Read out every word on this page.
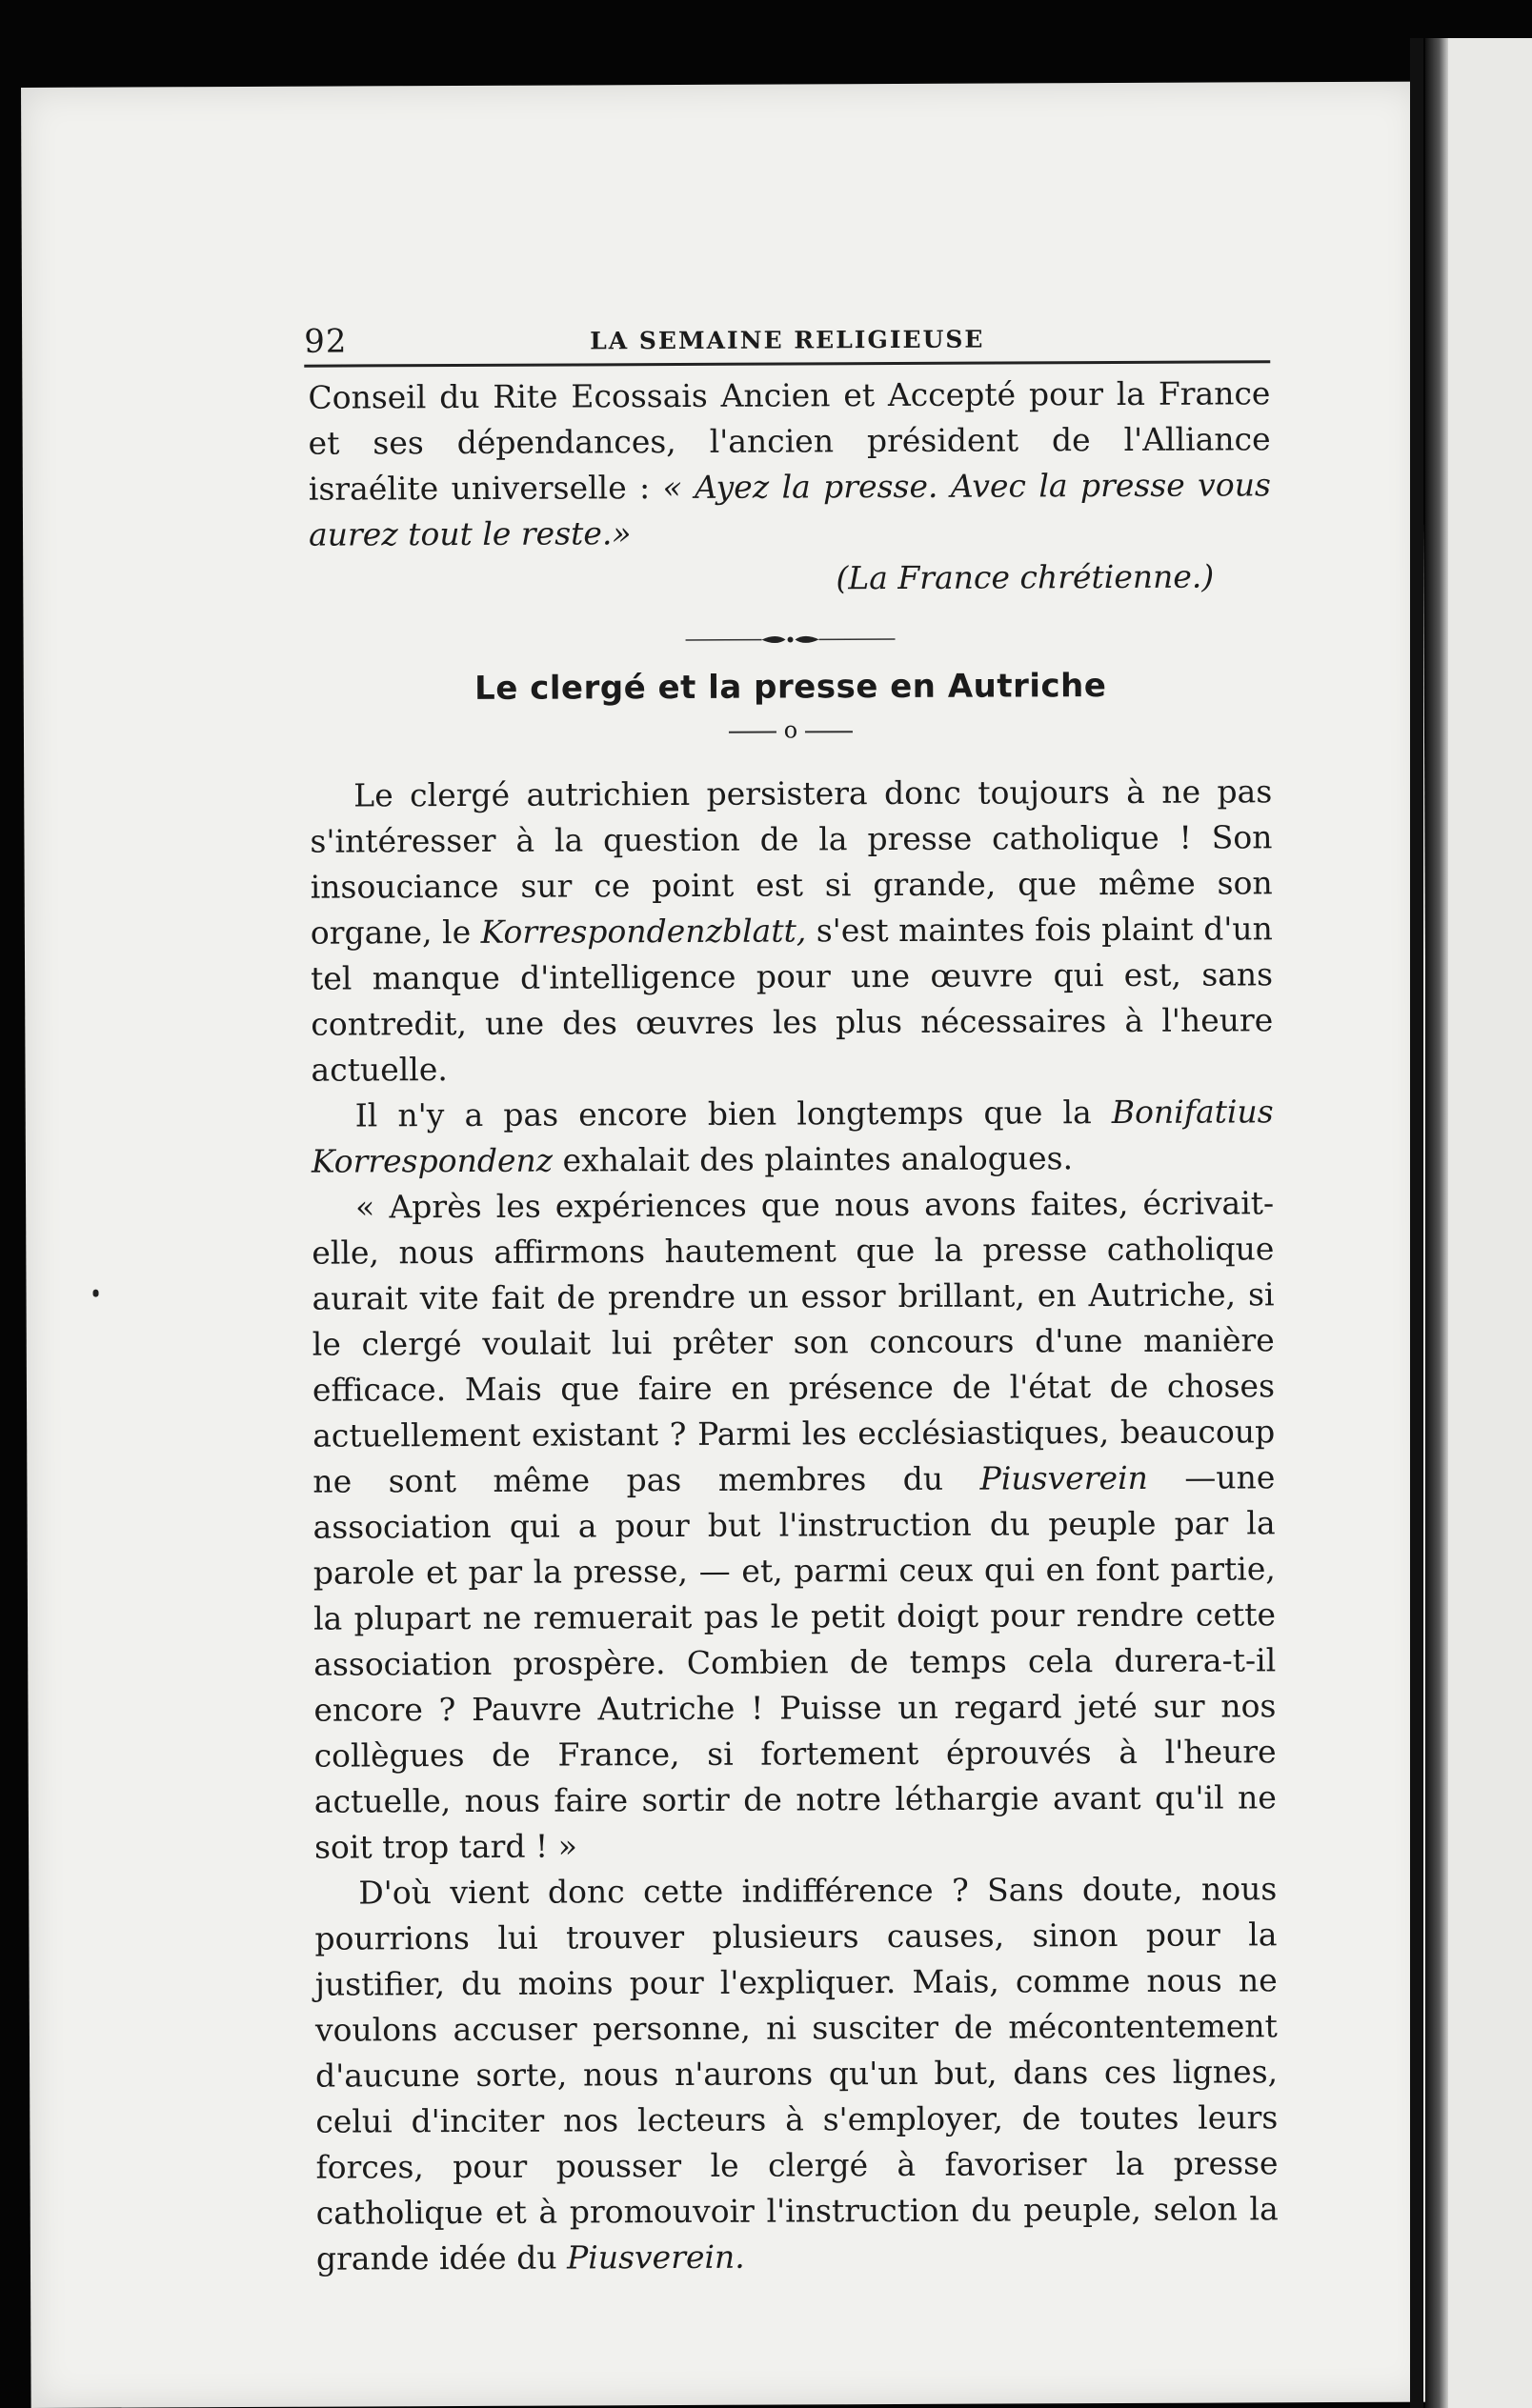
92	LA SEMAINE RELIGIEUSE

Conseil du Rite Ecossais Ancien et Accepté pour la France et ses dépendances, l'ancien président de l'Alliance israélite universelle : « Ayez la presse. Avec la presse vous aurez tout le reste.»

(La France chrétienne.)
Le clergé et la presse en Autriche
o

Le clergé autrichien persistera donc toujours à ne pas s'intéresser à la question de la presse catholique ! Son insouciance sur ce point est si grande, que même son organe, le Korrespondenzblatt, s'est maintes fois plaint d'un tel manque d'intelligence pour une œuvre qui est, sans contredit, une des œuvres les plus nécessaires à l'heure actuelle.

Il n'y a pas encore bien longtemps que la Bonifatius Korrespondenz exhalait des plaintes analogues.

« Après les expériences que nous avons faites, écrivait-elle, nous affirmons hautement que la presse catholique aurait vite fait de prendre un essor brillant, en Autriche, si le clergé voulait lui prêter son concours d'une manière efficace. Mais que faire en présence de l'état de choses actuellement existant ? Parmi les ecclésiastiques, beaucoup ne sont même pas membres du Piusverein —une association qui a pour but l'instruction du peuple par la parole et par la presse, — et, parmi ceux qui en font partie, la plupart ne remuerait pas le petit doigt pour rendre cette association prospère. Combien de temps cela durera-t-il encore ? Pauvre Autriche ! Puisse un regard jeté sur nos collègues de France, si fortement éprouvés à l'heure actuelle, nous faire sortir de notre léthargie avant qu'il ne soit trop tard ! »

D'où vient donc cette indifférence ? Sans doute, nous pourrions lui trouver plusieurs causes, sinon pour la justifier, du moins pour l'expliquer. Mais, comme nous ne voulons accuser personne, ni susciter de mécontentement d'aucune sorte, nous n'aurons qu'un but, dans ces lignes, celui d'inciter nos lecteurs à s'employer, de toutes leurs forces, pour pousser le clergé à favoriser la presse catholique et à promouvoir l'instruction du peuple, selon la grande idée du Piusverein.
